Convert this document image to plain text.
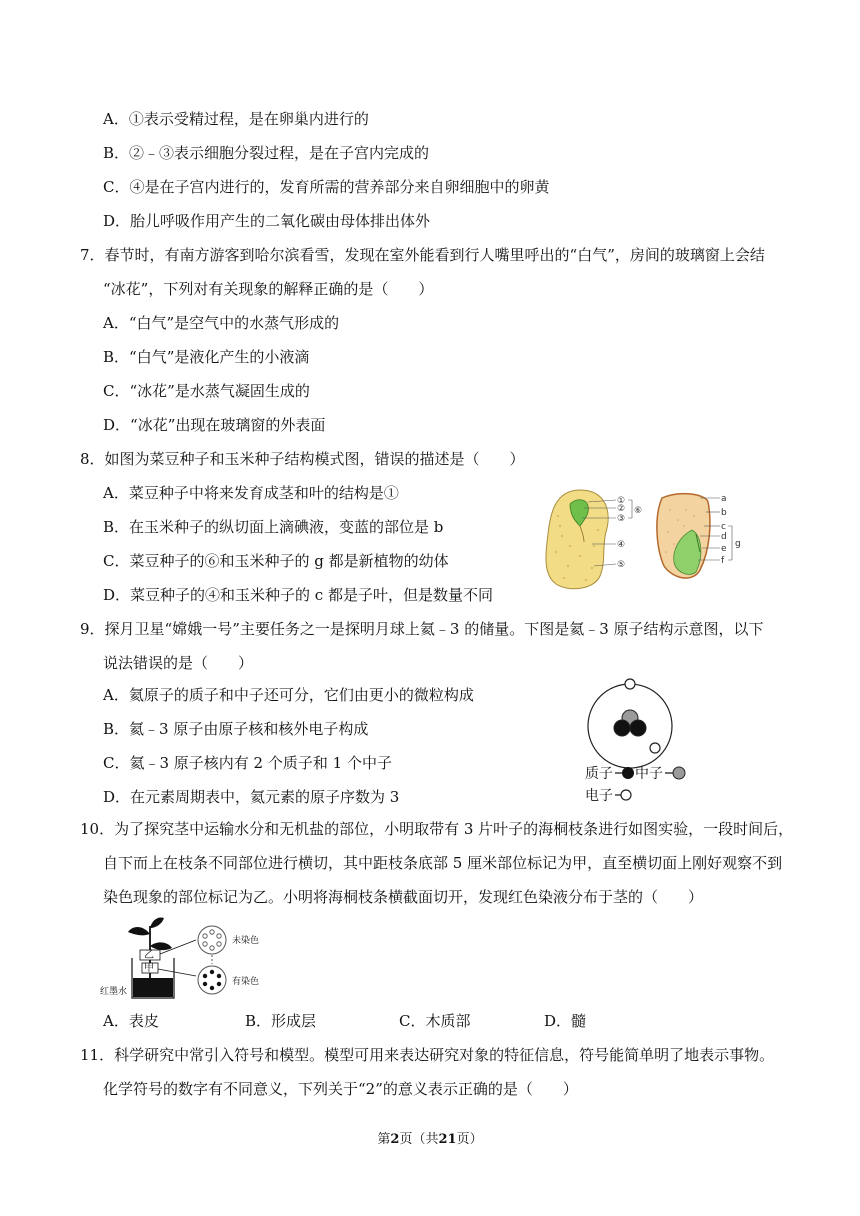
A．①表示受精过程，是在卵巢内进行的
B．②﹣③表示细胞分裂过程，是在子宫内完成的
C．④是在子宫内进行的，发育所需的营养部分来自卵细胞中的卵黄
D．胎儿呼吸作用产生的二氧化碳由母体排出体外
7．春节时，有南方游客到哈尔滨看雪，发现在室外能看到行人嘴里呼出的“白气”，房间的玻璃窗上会结
“冰花”，下列对有关现象的解释正确的是（　　）
A．“白气”是空气中的水蒸气形成的
B．“白气”是液化产生的小液滴
C．“冰花”是水蒸气凝固生成的
D．“冰花”出现在玻璃窗的外表面
8．如图为菜豆种子和玉米种子结构模式图，错误的描述是（　　）
A．菜豆种子中将来发育成茎和叶的结构是①
B．在玉米种子的纵切面上滴碘液，变蓝的部位是 b
C．菜豆种子的⑥和玉米种子的 g 都是新植物的幼体
D．菜豆种子的④和玉米种子的 c 都是子叶，但是数量不同
①
②
③
④
⑤
⑥
a
b
c
d
e
f
g
9．探月卫星“嫦娥一号”主要任务之一是探明月球上氦﹣3 的储量。下图是氦﹣3 原子结构示意图，以下
说法错误的是（　　）
A．氦原子的质子和中子还可分，它们由更小的微粒构成
B．氦﹣3 原子由原子核和核外电子构成
C．氦﹣3 原子核内有 2 个质子和 1 个中子
D．在元素周期表中，氦元素的原子序数为 3
质子 中子
电子
10．为了探究茎中运输水分和无机盐的部位，小明取带有 3 片叶子的海桐枝条进行如图实验，一段时间后，
自下而上在枝条不同部位进行横切，其中距枝条底部 5 厘米部位标记为甲，直至横切面上刚好观察不到
染色现象的部位标记为乙。小明将海桐枝条横截面切开，发现红色染液分布于茎的（　　）
乙
甲
红墨水
未染色
有染色
A．表皮	B．形成层	C．木质部	D．髓
11．科学研究中常引入符号和模型。模型可用来表达研究对象的特征信息，符号能简单明了地表示事物。
化学符号的数字有不同意义，下列关于“2”的意义表示正确的是（　　）
第2页（共21页）
